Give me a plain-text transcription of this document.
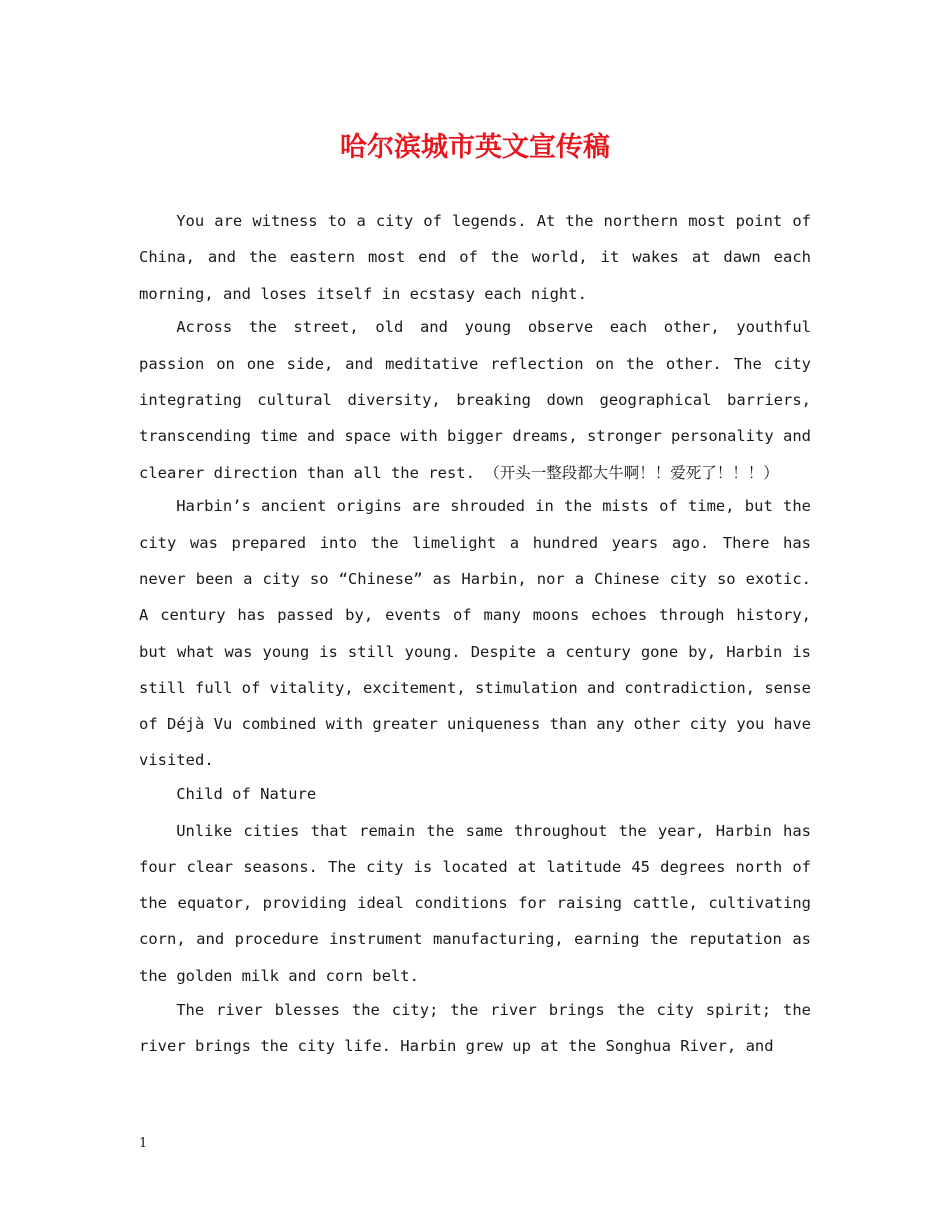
哈尔滨城市英文宣传稿

You are witness to a city of legends. At the northern most point of China, and the eastern most end of the world, it wakes at dawn each morning, and loses itself in ecstasy each night.

Across the street, old and young observe each other, youthful passion on one side, and meditative reflection on the other. The city integrating cultural diversity, breaking down geographical barriers, transcending time and space with bigger dreams, stronger personality and clearer direction than all the rest. （开头一整段都大牛啊！！爱死了！！！）

Harbin’s ancient origins are shrouded in the mists of time, but the city was prepared into the limelight a hundred years ago. There has never been a city so “Chinese” as Harbin, nor a Chinese city so exotic. A century has passed by, events of many moons echoes through history, but what was young is still young. Despite a century gone by, Harbin is still full of vitality, excitement, stimulation and contradiction, sense of Déjà Vu combined with greater uniqueness than any other city you have visited.

Child of Nature

Unlike cities that remain the same throughout the year, Harbin has four clear seasons. The city is located at latitude 45 degrees north of the equator, providing ideal conditions for raising cattle, cultivating corn, and procedure instrument manufacturing, earning the reputation as the golden milk and corn belt.

The river blesses the city; the river brings the city spirit; the river brings the city life. Harbin grew up at the Songhua River, and

1
